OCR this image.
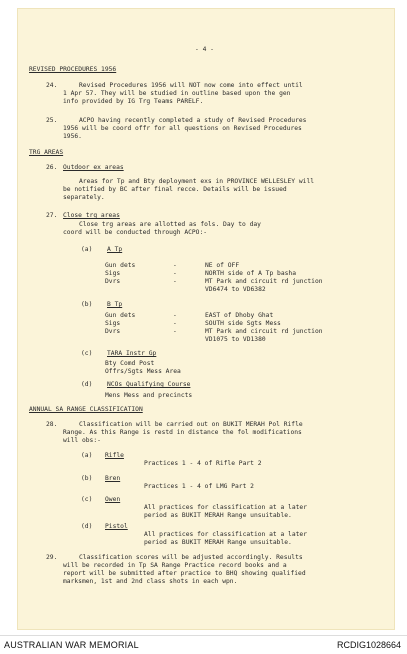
- 4 -
REVISED PROCEDURES 1956
24.	Revised Procedures 1956 will NOT now come into effect until
1 Apr 57. They will be studied in outline based upon the gen
info provided by IG Trg Teams PARELF.
25.	ACPO having recently completed a study of Revised Procedures
1956 will be coord offr for all questions on Revised Procedures
1956.
TRG AREAS
26. Outdoor ex areas
Areas for Tp and Bty deployment exs in PROVINCE WELLESLEY will
be notified by BC after final recce. Details will be issued
separately.
27. Close trg areas
Close trg areas are allotted as fols. Day to day
coord will be conducted through ACPO:-
(a) A Tp
Gun dets	-	NE of OFF
Sigs	-	NORTH side of A Tp basha
Dvrs	-	MT Park and circuit rd junction
VD6474 to VD6382
(b) B Tp
Gun dets	-	EAST of Dhoby Ghat
Sigs	-	SOUTH side Sgts Mess
Dvrs	-	MT Park and circuit rd junction
VD1075 to VD1380
(c) TARA Instr Gp
Bty Comd Post
Offrs/Sgts Mess Area
(d) NCOs Qualifying Course
Mens Mess and precincts
ANNUAL SA RANGE CLASSIFICATION
28.	Classification will be carried out on BUKIT MERAH Pol Rifle
Range. As this Range is restd in distance the fol modifications
will obs:-
(a) Rifle
Practices 1 - 4 of Rifle Part 2
(b) Bren
Practices 1 - 4 of LMG Part 2
(c) Owen
All practices for classification at a later
period as BUKIT MERAH Range unsuitable.
(d) Pistol
All practices for classification at a later
period as BUKIT MERAH Range unsuitable.
29.	Classification scores will be adjusted accordingly. Results
will be recorded in Tp SA Range Practice record books and a
report will be submitted after practice to BHQ showing qualified
marksmen, 1st and 2nd class shots in each wpn.
AUSTRALIAN WAR MEMORIAL	RCDIG1028664
